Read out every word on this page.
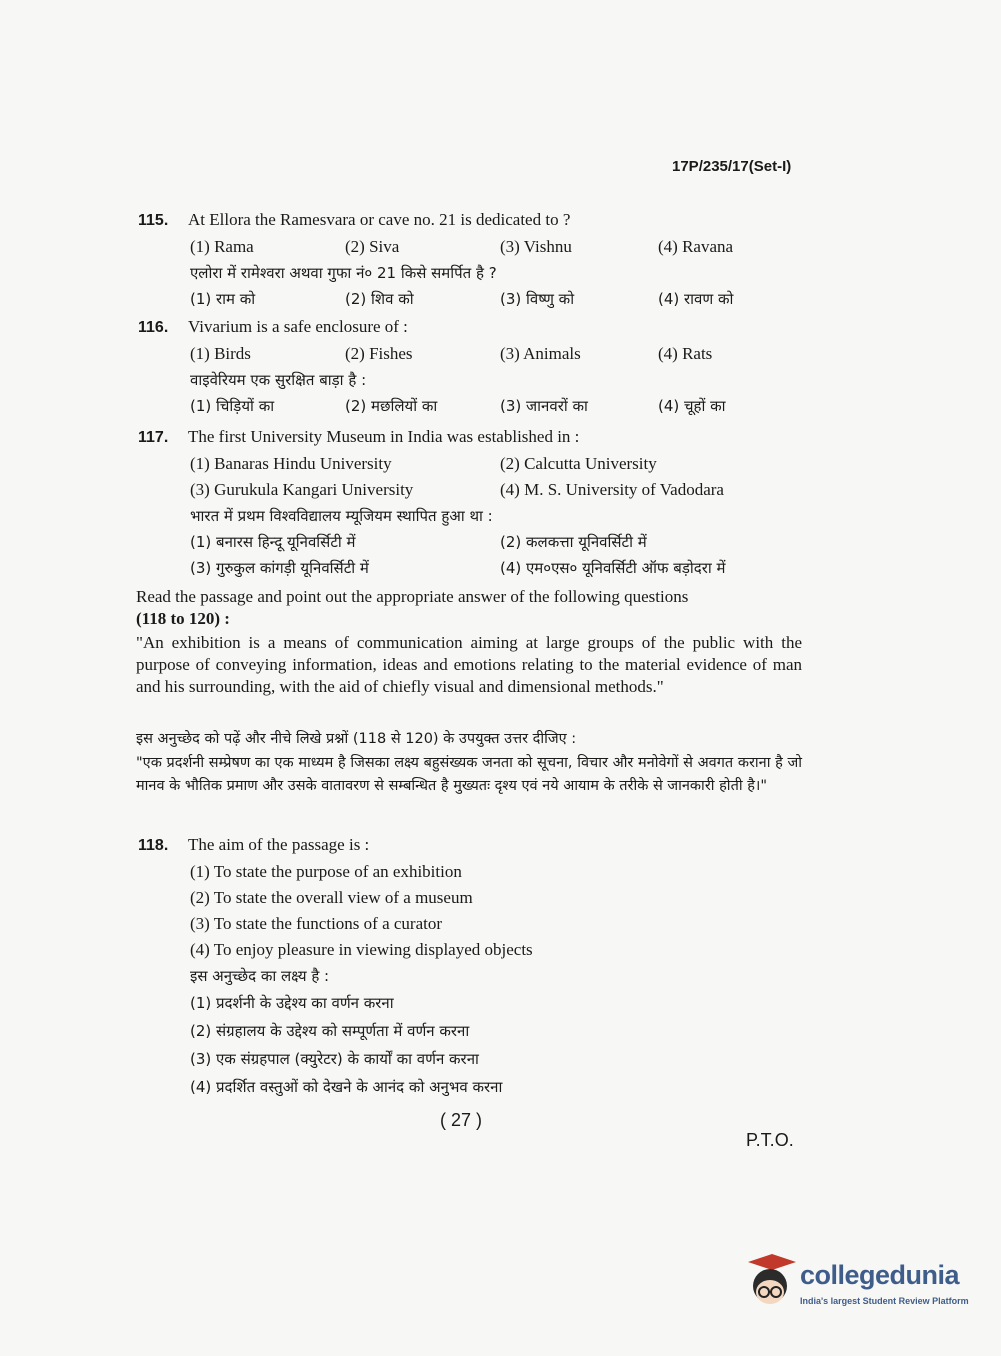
17P/235/17(Set-I)
115. At Ellora the Ramesvara or cave no. 21 is dedicated to ?
(1) Rama	(2) Siva	(3) Vishnu	(4) Ravana
एलोरा में रामेश्वरा अथवा गुफा नं० 21 किसे समर्पित है ?
(1) राम को	(2) शिव को	(3) विष्णु को	(4) रावण को
116. Vivarium is a safe enclosure of :
(1) Birds	(2) Fishes	(3) Animals	(4) Rats
वाइवेरियम एक सुरक्षित बाड़ा है :
(1) चिड़ियों का	(2) मछलियों का	(3) जानवरों का	(4) चूहों का
117. The first University Museum in India was established in :
(1) Banaras Hindu University	(2) Calcutta University
(3) Gurukula Kangari University	(4) M. S. University of Vadodara
भारत में प्रथम विश्वविद्यालय म्यूजियम स्थापित हुआ था :
(1) बनारस हिन्दू यूनिवर्सिटी में	(2) कलकत्ता यूनिवर्सिटी में
(3) गुरुकुल कांगड़ी यूनिवर्सिटी में	(4) एम०एस० यूनिवर्सिटी ऑफ बड़ोदरा में
Read the passage and point out the appropriate answer of the following questions
(118 to 120) :
"An exhibition is a means of communication aiming at large groups of the public with the purpose of conveying information, ideas and emotions relating to the material evidence of man and his surrounding, with the aid of chiefly visual and dimensional methods."
इस अनुच्छेद को पढ़ें और नीचे लिखे प्रश्नों (118 से 120) के उपयुक्त उत्तर दीजिए :
"एक प्रदर्शनी सम्प्रेषण का एक माध्यम है जिसका लक्ष्य बहुसंख्यक जनता को सूचना, विचार और मनोवेगों से अवगत कराना है जो मानव के भौतिक प्रमाण और उसके वातावरण से सम्बन्धित है मुख्यतः दृश्य एवं नये आयाम के तरीके से जानकारी होती है।"
118. The aim of the passage is :
(1) To state the purpose of an exhibition
(2) To state the overall view of a museum
(3) To state the functions of a curator
(4) To enjoy pleasure in viewing displayed objects
इस अनुच्छेद का लक्ष्य है :
(1) प्रदर्शनी के उद्देश्य का वर्णन करना
(2) संग्रहालय के उद्देश्य को सम्पूर्णता में वर्णन करना
(3) एक संग्रहपाल (क्युरेटर) के कार्यों का वर्णन करना
(4) प्रदर्शित वस्तुओं को देखने के आनंद को अनुभव करना
( 27 )
P.T.O.
collegedunia
India's largest Student Review Platform
